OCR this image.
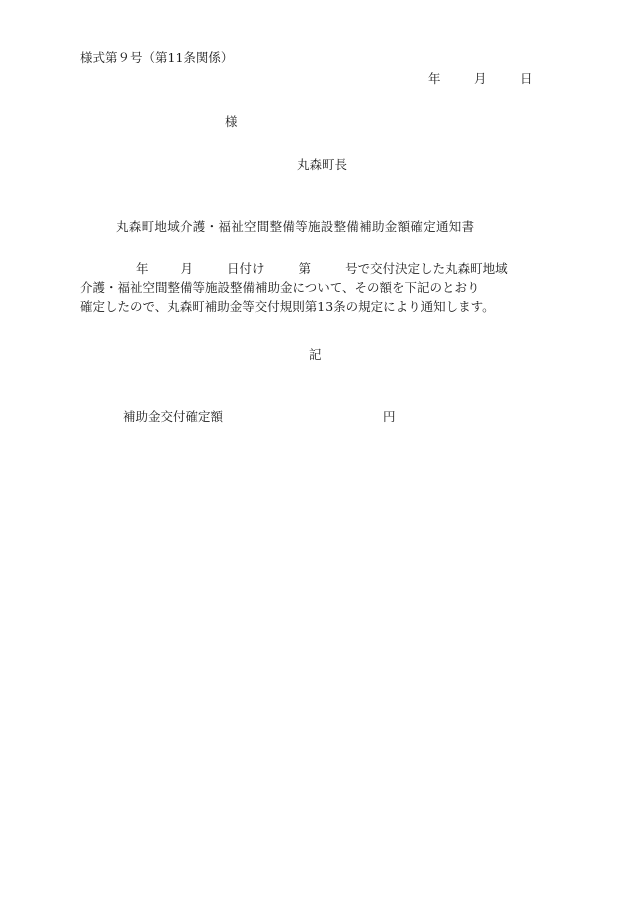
様式第９号（第11条関係）
年	月	日
様
丸森町長
丸森町地域介護・福祉空間整備等施設整備補助金額確定通知書
年	月	日付け	第	号で交付決定した丸森町地域
介護・福祉空間整備等施設整備補助金について、その額を下記のとおり
確定したので、丸森町補助金等交付規則第13条の規定により通知します。
記
補助金交付確定額	円
